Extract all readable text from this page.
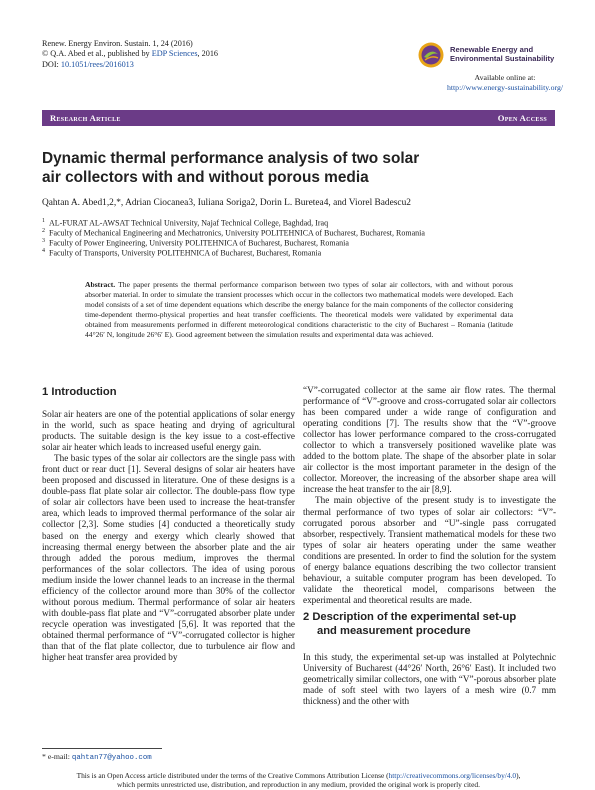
Renew. Energy Environ. Sustain. 1, 24 (2016)
© Q.A. Abed et al., published by EDP Sciences, 2016
DOI: 10.1051/rees/2016013
Renewable Energy and
Environmental Sustainability
Available online at:
http://www.energy-sustainability.org/
Research Article	Open Access
Dynamic thermal performance analysis of two solar
air collectors with and without porous media
Qahtan A. Abed1,2,*, Adrian Ciocanea3, Iuliana Soriga2, Dorin L. Buretea4, and Viorel Badescu2
$^1$ AL-FURAT AL-AWSAT Technical University, Najaf Technical College, Baghdad, Iraq
$^2$ Faculty of Mechanical Engineering and Mechatronics, University POLITEHNICA of Bucharest, Bucharest, Romania
$^3$ Faculty of Power Engineering, University POLITEHNICA of Bucharest, Bucharest, Romania
$^4$ Faculty of Transports, University POLITEHNICA of Bucharest, Bucharest, Romania
Abstract. The paper presents the thermal performance comparison between two types of solar air collectors, with and without porous absorber material. In order to simulate the transient processes which occur in the collectors two mathematical models were developed. Each model consists of a set of time dependent equations which describe the energy balance for the main components of the collector considering time-dependent thermo-physical properties and heat transfer coefficients. The theoretical models were validated by experimental data obtained from measurements performed in different meteorological conditions characteristic to the city of Bucharest – Romania (latitude 44°26′ N, longitude 26°6′ E). Good agreement between the simulation results and experimental data was achieved.
1 Introduction

Solar air heaters are one of the potential applications of solar energy in the world, such as space heating and drying of agricultural products. The suitable design is the key issue to a cost-effective solar air heater which leads to increased useful energy gain.

The basic types of the solar air collectors are the single pass with front duct or rear duct [1]. Several designs of solar air heaters have been proposed and discussed in literature. One of these designs is a double-pass flat plate solar air collector. The double-pass flow type of solar air collectors have been used to increase the heat-transfer area, which leads to improved thermal performance of the solar air collector [2,3]. Some studies [4] conducted a theoretically study based on the energy and exergy which clearly showed that increasing thermal energy between the absorber plate and the air through added the porous medium, improves the thermal performances of the solar collectors. The idea of using porous medium inside the lower channel leads to an increase in the thermal efficiency of the collector around more than 30% of the collector without porous medium. Thermal performance of solar air heaters with double-pass flat plate and “V”-corrugated absorber plate under recycle operation was investigated [5,6]. It was reported that the obtained thermal performance of “V”-corrugated collector is higher than that of the flat plate collector, due to turbulence air flow and higher heat transfer area provided by

“V”-corrugated collector at the same air flow rates. The thermal performance of “V”-groove and cross-corrugated solar air collectors has been compared under a wide range of configuration and operating conditions [7]. The results show that the “V”-groove collector has lower performance compared to the cross-corrugated collector to which a transversely positioned wavelike plate was added to the bottom plate. The shape of the absorber plate in solar air collector is the most important parameter in the design of the collector. Moreover, the increasing of the absorber shape area will increase the heat transfer to the air [8,9].

The main objective of the present study is to investigate the thermal performance of two types of solar air collectors: “V”-corrugated porous absorber and “U”-single pass corrugated absorber, respectively. Transient mathematical models for these two types of solar air heaters operating under the same weather conditions are presented. In order to find the solution for the system of energy balance equations describing the two collector transient behaviour, a suitable computer program has been developed. To validate the theoretical model, comparisons between the experimental and theoretical results are made.

2 Description of the experimental set-up
and measurement procedure

In this study, the experimental set-up was installed at Polytechnic University of Bucharest (44°26′ North, 26°6′ East). It included two geometrically similar collectors, one with “V”-porous absorber plate made of soft steel with two layers of a mesh wire (0.7 mm thickness) and the other with

* e-mail: qahtan77@yahoo.com
This is an Open Access article distributed under the terms of the Creative Commons Attribution License (http://creativecommons.org/licenses/by/4.0),
which permits unrestricted use, distribution, and reproduction in any medium, provided the original work is properly cited.
